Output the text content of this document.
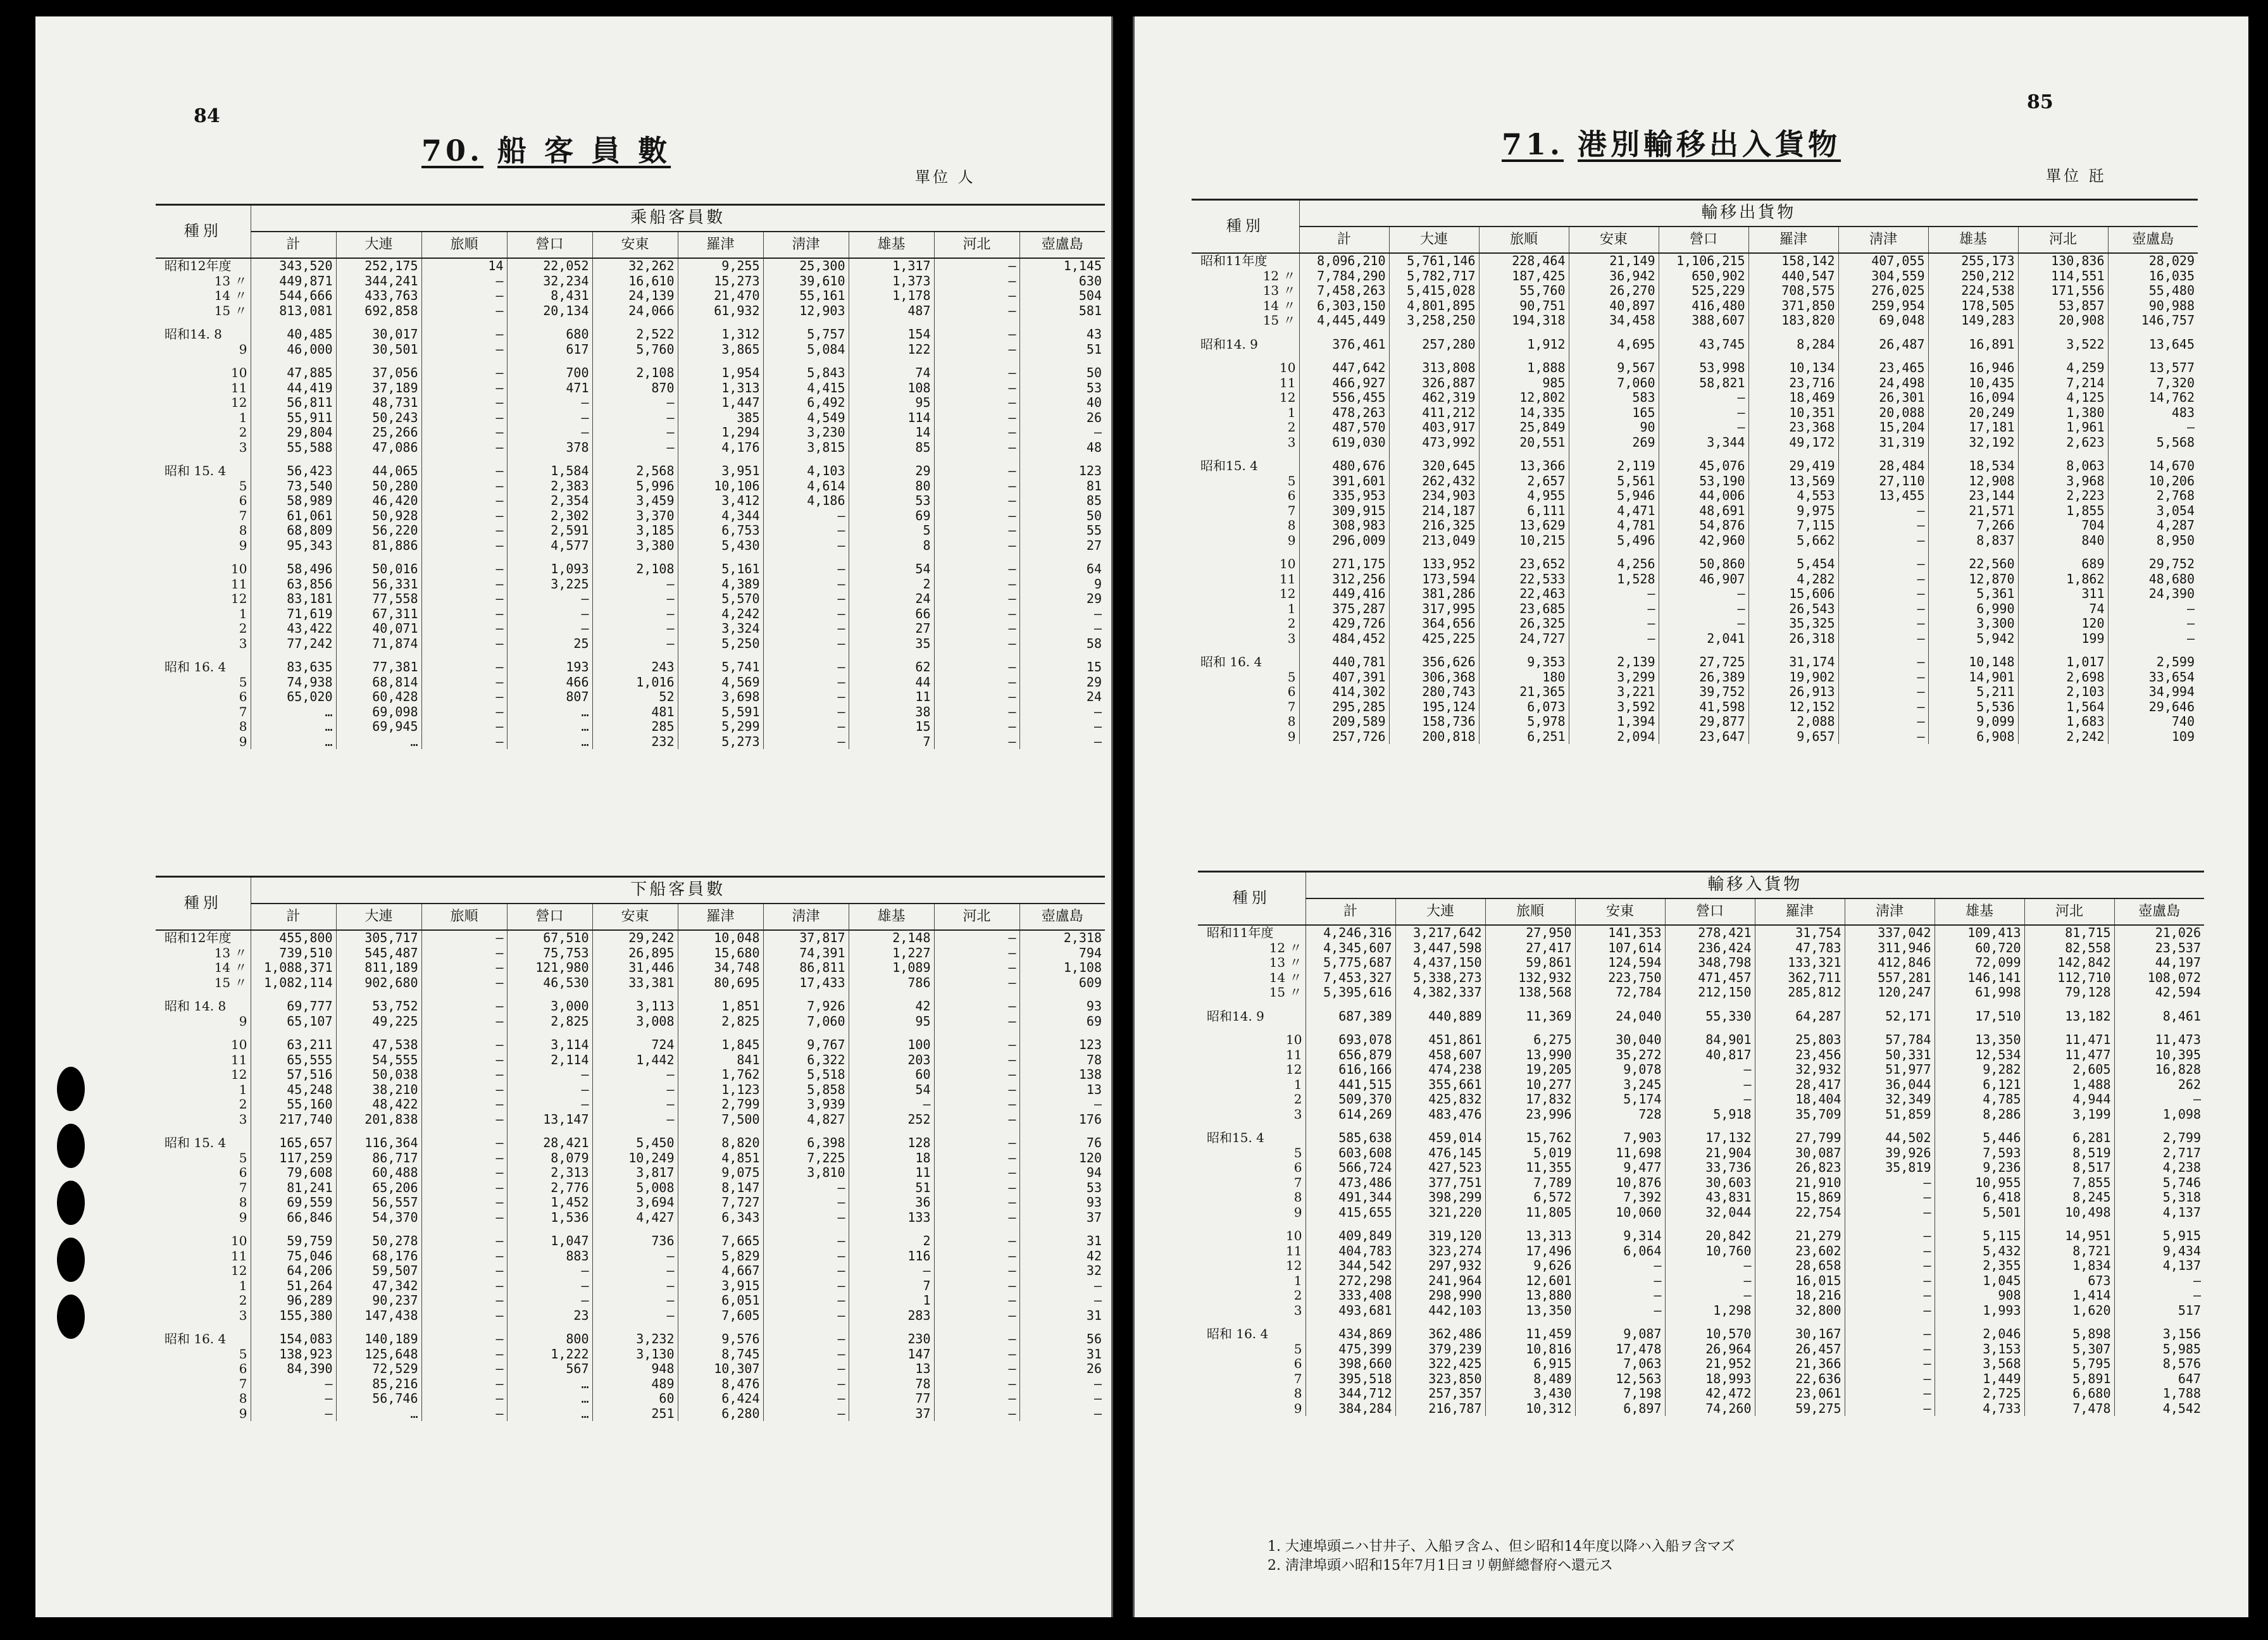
84
70. 船 客 員 數
單位 人
種別	乘船客員數									
	計	大連	旅順	營口	安東	羅津	淸津	雄基	河北	壺盧島
昭和12年度	343,520	252,175	14	22,052	32,262	9,255	25,300	1,317	—	1,145
13 〃	449,871	344,241	—	32,234	16,610	15,273	39,610	1,373	—	630
14 〃	544,666	433,763	—	8,431	24,139	21,470	55,161	1,178	—	504
15 〃	813,081	692,858	—	20,134	24,066	61,932	12,903	487	—	581

昭和14. 8	40,485	30,017	—	680	2,522	1,312	5,757	154	—	43
9	46,000	30,501	—	617	5,760	3,865	5,084	122	—	51

10	47,885	37,056	—	700	2,108	1,954	5,843	74	—	50
11	44,419	37,189	—	471	870	1,313	4,415	108	—	53
12	56,811	48,731	—	—	—	1,447	6,492	95	—	40
1	55,911	50,243	—	—	—	385	4,549	114	—	26
2	29,804	25,266	—	—	—	1,294	3,230	14	—	—
3	55,588	47,086	—	378	—	4,176	3,815	85	—	48

昭和 15. 4	56,423	44,065	—	1,584	2,568	3,951	4,103	29	—	123
5	73,540	50,280	—	2,383	5,996	10,106	4,614	80	—	81
6	58,989	46,420	—	2,354	3,459	3,412	4,186	53	—	85
7	61,061	50,928	—	2,302	3,370	4,344	—	69	—	50
8	68,809	56,220	—	2,591	3,185	6,753	—	5	—	55
9	95,343	81,886	—	4,577	3,380	5,430	—	8	—	27

10	58,496	50,016	—	1,093	2,108	5,161	—	54	—	64
11	63,856	56,331	—	3,225	—	4,389	—	2	—	9
12	83,181	77,558	—	—	—	5,570	—	24	—	29
1	71,619	67,311	—	—	—	4,242	—	66	—	—
2	43,422	40,071	—	—	—	3,324	—	27	—	—
3	77,242	71,874	—	25	—	5,250	—	35	—	58

昭和 16. 4	83,635	77,381	—	193	243	5,741	—	62	—	15
5	74,938	68,814	—	466	1,016	4,569	—	44	—	29
6	65,020	60,428	—	807	52	3,698	—	11	—	24
7	…	69,098	—	…	481	5,591	—	38	—	—
8	…	69,945	—	…	285	5,299	—	15	—	—
9	…	…	—	…	232	5,273	—	7	—	—
種別	下船客員數									
	計	大連	旅順	營口	安東	羅津	淸津	雄基	河北	壺盧島
昭和12年度	455,800	305,717	—	67,510	29,242	10,048	37,817	2,148	—	2,318
13 〃	739,510	545,487	—	75,753	26,895	15,680	74,391	1,227	—	794
14 〃	1,088,371	811,189	—	121,980	31,446	34,748	86,811	1,089	—	1,108
15 〃	1,082,114	902,680	—	46,530	33,381	80,695	17,433	786	—	609

昭和 14. 8	69,777	53,752	—	3,000	3,113	1,851	7,926	42	—	93
9	65,107	49,225	—	2,825	3,008	2,825	7,060	95	—	69

10	63,211	47,538	—	3,114	724	1,845	9,767	100	—	123
11	65,555	54,555	—	2,114	1,442	841	6,322	203	—	78
12	57,516	50,038	—	—	—	1,762	5,518	60	—	138
1	45,248	38,210	—	—	—	1,123	5,858	54	—	13
2	55,160	48,422	—	—	—	2,799	3,939	—	—	—
3	217,740	201,838	—	13,147	—	7,500	4,827	252	—	176

昭和 15. 4	165,657	116,364	—	28,421	5,450	8,820	6,398	128	—	76
5	117,259	86,717	—	8,079	10,249	4,851	7,225	18	—	120
6	79,608	60,488	—	2,313	3,817	9,075	3,810	11	—	94
7	81,241	65,206	—	2,776	5,008	8,147	—	51	—	53
8	69,559	56,557	—	1,452	3,694	7,727	—	36	—	93
9	66,846	54,370	—	1,536	4,427	6,343	—	133	—	37

10	59,759	50,278	—	1,047	736	7,665	—	2	—	31
11	75,046	68,176	—	883	—	5,829	—	116	—	42
12	64,206	59,507	—	—	—	4,667	—	—	—	32
1	51,264	47,342	—	—	—	3,915	—	7	—	—
2	96,289	90,237	—	—	—	6,051	—	1	—	—
3	155,380	147,438	—	23	—	7,605	—	283	—	31

昭和 16. 4	154,083	140,189	—	800	3,232	9,576	—	230	—	56
5	138,923	125,648	—	1,222	3,130	8,745	—	147	—	31
6	84,390	72,529	—	567	948	10,307	—	13	—	26
7	—	85,216	—	…	489	8,476	—	78	—	—
8	—	56,746	—	…	60	6,424	—	77	—	—
9	—	…	—	…	251	6,280	—	37	—	—
85
71. 港別輸移出入貨物
單位 瓩
種別	輸移出貨物									
	計	大連	旅順	安東	營口	羅津	淸津	雄基	河北	壺盧島
昭和11年度	8,096,210	5,761,146	228,464	21,149	1,106,215	158,142	407,055	255,173	130,836	28,029
12 〃	7,784,290	5,782,717	187,425	36,942	650,902	440,547	304,559	250,212	114,551	16,035
13 〃	7,458,263	5,415,028	55,760	26,270	525,229	708,575	276,025	224,538	171,556	55,480
14 〃	6,303,150	4,801,895	90,751	40,897	416,480	371,850	259,954	178,505	53,857	90,988
15 〃	4,445,449	3,258,250	194,318	34,458	388,607	183,820	69,048	149,283	20,908	146,757

昭和14. 9	376,461	257,280	1,912	4,695	43,745	8,284	26,487	16,891	3,522	13,645

10	447,642	313,808	1,888	9,567	53,998	10,134	23,465	16,946	4,259	13,577
11	466,927	326,887	985	7,060	58,821	23,716	24,498	10,435	7,214	7,320
12	556,455	462,319	12,802	583	—	18,469	26,301	16,094	4,125	14,762
1	478,263	411,212	14,335	165	—	10,351	20,088	20,249	1,380	483
2	487,570	403,917	25,849	90	—	23,368	15,204	17,181	1,961	—
3	619,030	473,992	20,551	269	3,344	49,172	31,319	32,192	2,623	5,568

昭和15. 4	480,676	320,645	13,366	2,119	45,076	29,419	28,484	18,534	8,063	14,670
5	391,601	262,432	2,657	5,561	53,190	13,569	27,110	12,908	3,968	10,206
6	335,953	234,903	4,955	5,946	44,006	4,553	13,455	23,144	2,223	2,768
7	309,915	214,187	6,111	4,471	48,691	9,975	—	21,571	1,855	3,054
8	308,983	216,325	13,629	4,781	54,876	7,115	—	7,266	704	4,287
9	296,009	213,049	10,215	5,496	42,960	5,662	—	8,837	840	8,950

10	271,175	133,952	23,652	4,256	50,860	5,454	—	22,560	689	29,752
11	312,256	173,594	22,533	1,528	46,907	4,282	—	12,870	1,862	48,680
12	449,416	381,286	22,463	—	—	15,606	—	5,361	311	24,390
1	375,287	317,995	23,685	—	—	26,543	—	6,990	74	—
2	429,726	364,656	26,325	—	—	35,325	—	3,300	120	—
3	484,452	425,225	24,727	—	2,041	26,318	—	5,942	199	—

昭和 16. 4	440,781	356,626	9,353	2,139	27,725	31,174	—	10,148	1,017	2,599
5	407,391	306,368	180	3,299	26,389	19,902	—	14,901	2,698	33,654
6	414,302	280,743	21,365	3,221	39,752	26,913	—	5,211	2,103	34,994
7	295,285	195,124	6,073	3,592	41,598	12,152	—	5,536	1,564	29,646
8	209,589	158,736	5,978	1,394	29,877	2,088	—	9,099	1,683	740
9	257,726	200,818	6,251	2,094	23,647	9,657	—	6,908	2,242	109
種別	輸移入貨物									
	計	大連	旅順	安東	營口	羅津	淸津	雄基	河北	壺盧島
昭和11年度	4,246,316	3,217,642	27,950	141,353	278,421	31,754	337,042	109,413	81,715	21,026
12 〃	4,345,607	3,447,598	27,417	107,614	236,424	47,783	311,946	60,720	82,558	23,537
13 〃	5,775,687	4,437,150	59,861	124,594	348,798	133,321	412,846	72,099	142,842	44,197
14 〃	7,453,327	5,338,273	132,932	223,750	471,457	362,711	557,281	146,141	112,710	108,072
15 〃	5,395,616	4,382,337	138,568	72,784	212,150	285,812	120,247	61,998	79,128	42,594

昭和14. 9	687,389	440,889	11,369	24,040	55,330	64,287	52,171	17,510	13,182	8,461

10	693,078	451,861	6,275	30,040	84,901	25,803	57,784	13,350	11,471	11,473
11	656,879	458,607	13,990	35,272	40,817	23,456	50,331	12,534	11,477	10,395
12	616,166	474,238	19,205	9,078	—	32,932	51,977	9,282	2,605	16,828
1	441,515	355,661	10,277	3,245	—	28,417	36,044	6,121	1,488	262
2	509,370	425,832	17,832	5,174	—	18,404	32,349	4,785	4,944	—
3	614,269	483,476	23,996	728	5,918	35,709	51,859	8,286	3,199	1,098

昭和15. 4	585,638	459,014	15,762	7,903	17,132	27,799	44,502	5,446	6,281	2,799
5	603,608	476,145	5,019	11,698	21,904	30,087	39,926	7,593	8,519	2,717
6	566,724	427,523	11,355	9,477	33,736	26,823	35,819	9,236	8,517	4,238
7	473,486	377,751	7,789	10,876	30,603	21,910	—	10,955	7,855	5,746
8	491,344	398,299	6,572	7,392	43,831	15,869	—	6,418	8,245	5,318
9	415,655	321,220	11,805	10,060	32,044	22,754	—	5,501	10,498	4,137

10	409,849	319,120	13,313	9,314	20,842	21,279	—	5,115	14,951	5,915
11	404,783	323,274	17,496	6,064	10,760	23,602	—	5,432	8,721	9,434
12	344,542	297,932	9,626	—	—	28,658	—	2,355	1,834	4,137
1	272,298	241,964	12,601	—	—	16,015	—	1,045	673	—
2	333,408	298,990	13,880	—	—	18,216	—	908	1,414	—
3	493,681	442,103	13,350	—	1,298	32,800	—	1,993	1,620	517

昭和 16. 4	434,869	362,486	11,459	9,087	10,570	30,167	—	2,046	5,898	3,156
5	475,399	379,239	10,816	17,478	26,964	26,457	—	3,153	5,307	5,985
6	398,660	322,425	6,915	7,063	21,952	21,366	—	3,568	5,795	8,576
7	395,518	323,850	8,489	12,563	18,993	22,636	—	1,449	5,891	647
8	344,712	257,357	3,430	7,198	42,472	23,061	—	2,725	6,680	1,788
9	384,284	216,787	10,312	6,897	74,260	59,275	—	4,733	7,478	4,542
1. 大連埠頭ニハ甘井子、入船ヲ含ム、但シ昭和14年度以降ハ入船ヲ含マズ
2. 淸津埠頭ハ昭和15年7月1日ヨリ朝鮮總督府ヘ還元ス
